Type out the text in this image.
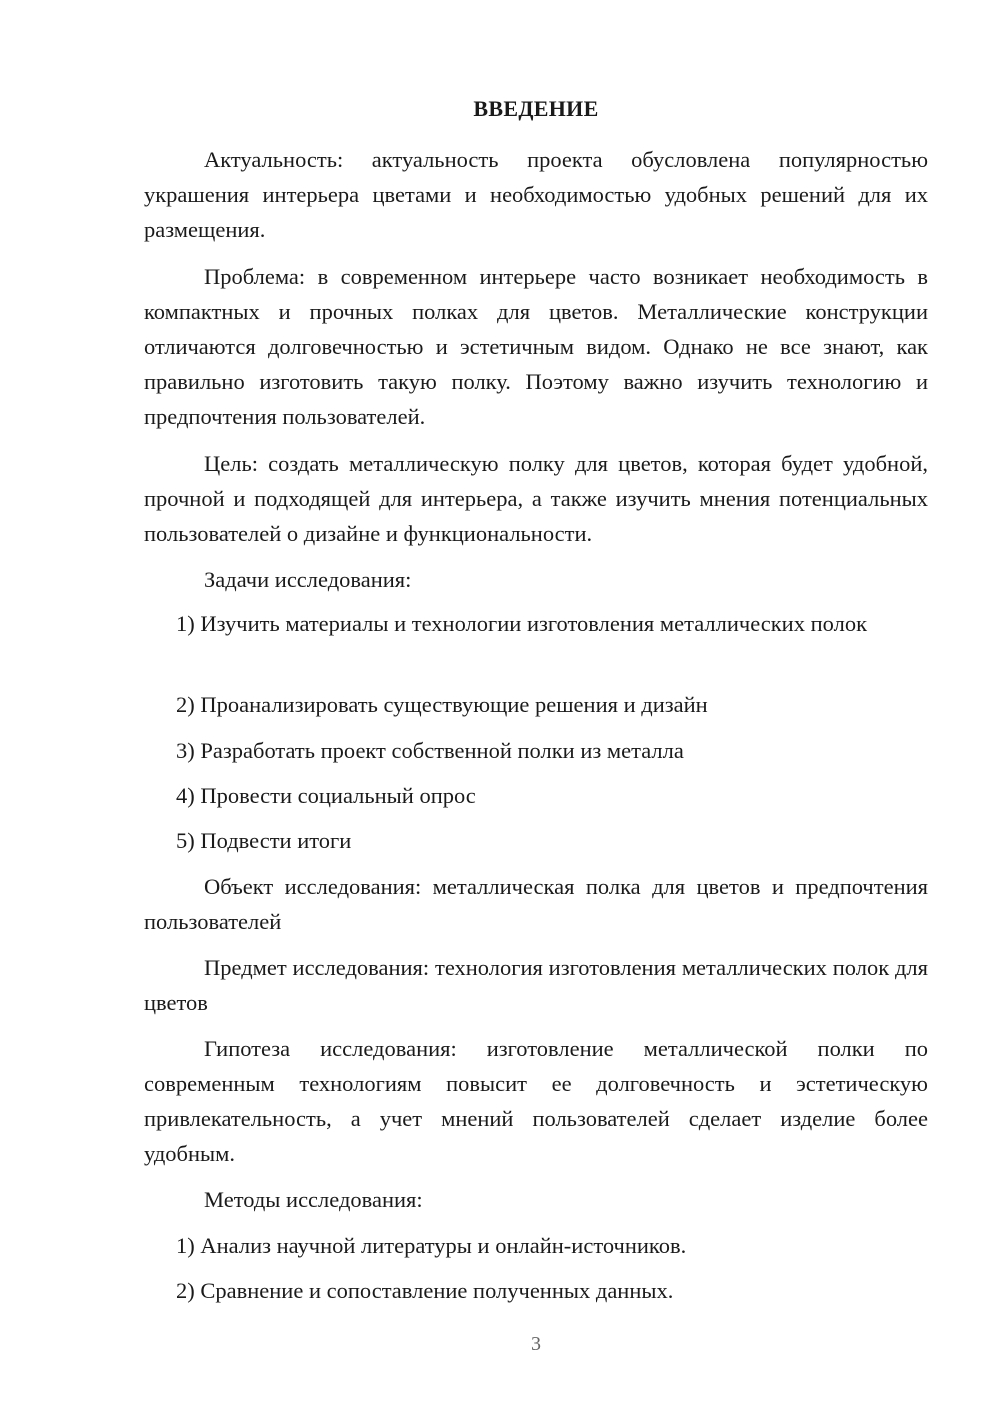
ВВЕДЕНИЕ

Актуальность: актуальность проекта обусловлена популярностью украшения интерьера цветами и необходимостью удобных решений для их размещения.

Проблема: в современном интерьере часто возникает необходимость в компактных и прочных полках для цветов. Металлические конструкции отличаются долговечностью и эстетичным видом. Однако не все знают, как правильно изготовить такую полку. Поэтому важно изучить технологию и предпочтения пользователей.

Цель: создать металлическую полку для цветов, которая будет удобной, прочной и подходящей для интерьера, а также изучить мнения потенциальных пользователей о дизайне и функциональности.

Задачи исследования:

1) Изучить материалы и технологии изготовления металлических полок

2) Проанализировать существующие решения и дизайн

3) Разработать проект собственной полки из металла

4) Провести социальный опрос

5) Подвести итоги

Объект исследования: металлическая полка для цветов и предпочтения пользователей

Предмет исследования: технология изготовления металлических полок для цветов

Гипотеза исследования: изготовление металлической полки по современным технологиям повысит ее долговечность и эстетическую привлекательность, а учет мнений пользователей сделает изделие более удобным.

Методы исследования:

1) Анализ научной литературы и онлайн-источников.

2) Сравнение и сопоставление полученных данных.

3
